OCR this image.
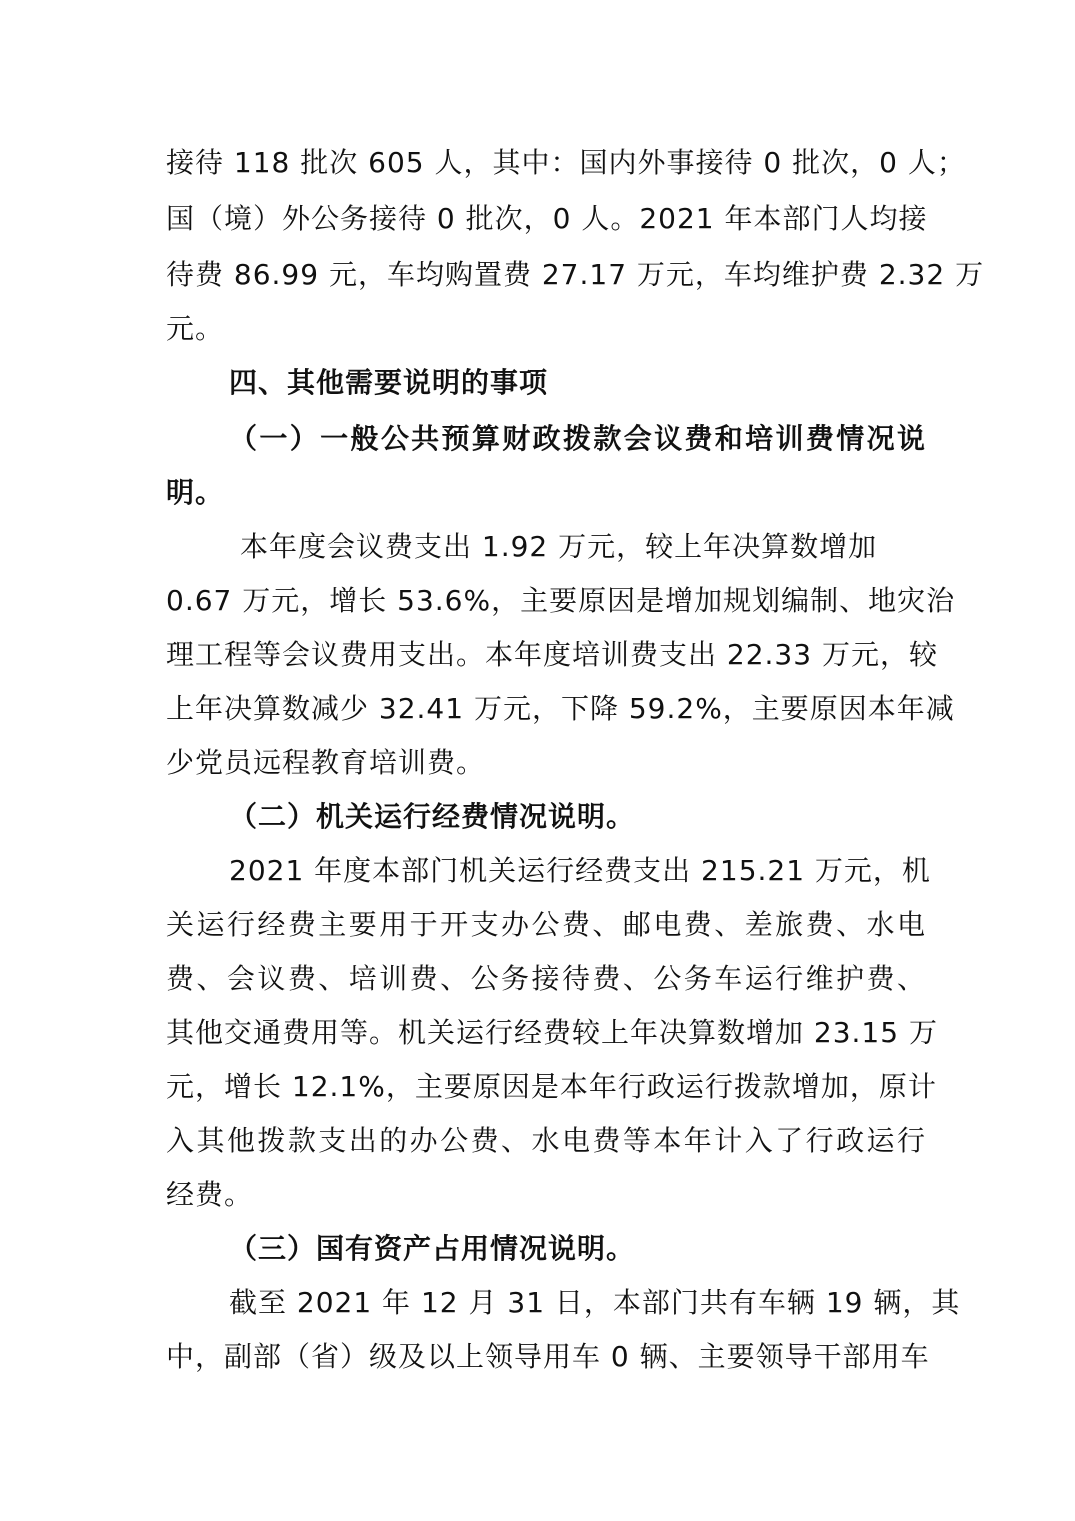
接待 118 批次 605 人，其中：国内外事接待 0 批次，0 人；
国（境）外公务接待 0 批次，0 人。2021 年本部门人均接
待费 86.99 元，车均购置费 27.17 万元，车均维护费 2.32 万
元。
四、其他需要说明的事项
（一）一般公共预算财政拨款会议费和培训费情况说
明。
本年度会议费支出 1.92 万元，较上年决算数增加
0.67 万元，增长 53.6%，主要原因是增加规划编制、地灾治
理工程等会议费用支出。本年度培训费支出 22.33 万元，较
上年决算数减少 32.41 万元，下降 59.2%，主要原因本年减
少党员远程教育培训费。
（二）机关运行经费情况说明。
2021 年度本部门机关运行经费支出 215.21 万元，机
关运行经费主要用于开支办公费、邮电费、差旅费、水电
费、会议费、培训费、公务接待费、公务车运行维护费、
其他交通费用等。机关运行经费较上年决算数增加 23.15 万
元，增长 12.1%，主要原因是本年行政运行拨款增加，原计
入其他拨款支出的办公费、水电费等本年计入了行政运行
经费。
（三）国有资产占用情况说明。
截至 2021 年 12 月 31 日，本部门共有车辆 19 辆，其
中，副部（省）级及以上领导用车 0 辆、主要领导干部用车
